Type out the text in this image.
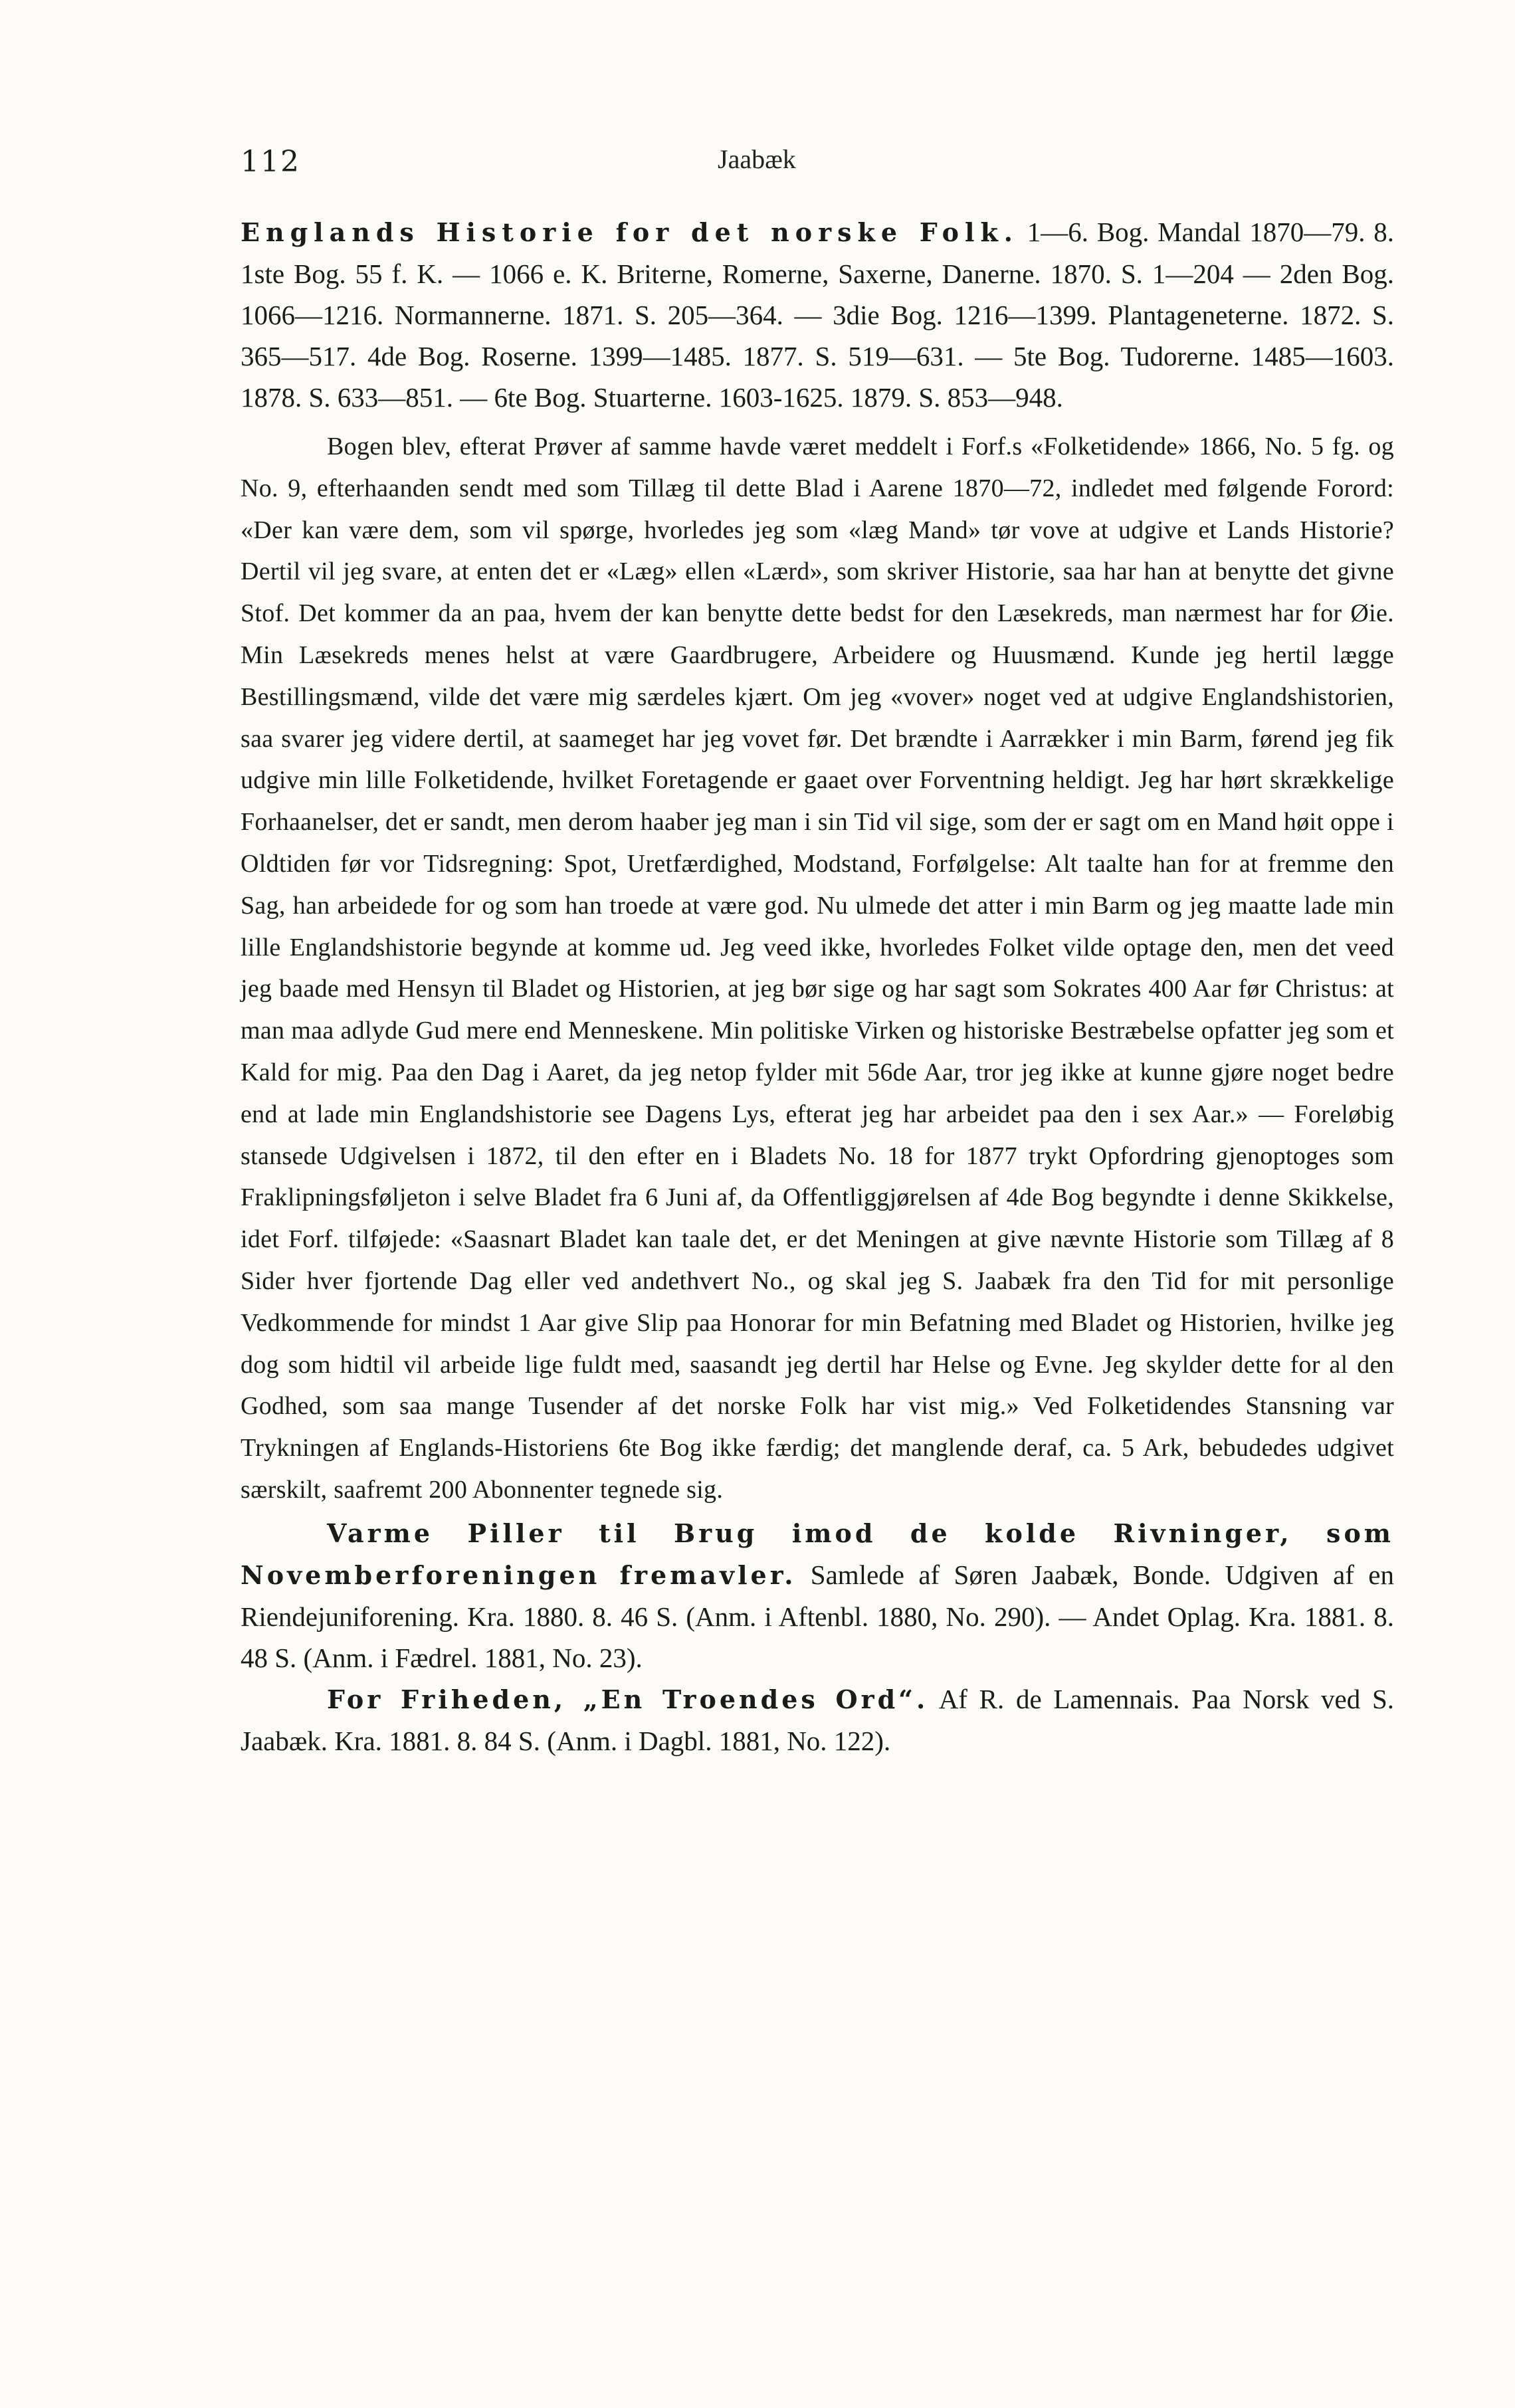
112	Jaabæk

Englands Historie for det norske Folk. 1—6. Bog. Mandal 1870—79. 8. 1ste Bog. 55 f. K. — 1066 e. K. Briterne, Romerne, Saxerne, Danerne. 1870. S. 1—204 — 2den Bog. 1066—1216. Normannerne. 1871. S. 205—364. — 3die Bog. 1216—1399. Plantageneterne. 1872. S. 365—517. 4de Bog. Roserne. 1399—1485. 1877. S. 519—631. — 5te Bog. Tudorerne. 1485—1603. 1878. S. 633—851. — 6te Bog. Stuarterne. 1603-1625. 1879. S. 853—948.

Bogen blev, efterat Prøver af samme havde været meddelt i Forf.s «Folketidende» 1866, No. 5 fg. og No. 9, efterhaanden sendt med som Tillæg til dette Blad i Aarene 1870—72, indledet med følgende Forord: «Der kan være dem, som vil spørge, hvorledes jeg som «læg Mand» tør vove at udgive et Lands Historie? Dertil vil jeg svare, at enten det er «Læg» ellen «Lærd», som skriver Historie, saa har han at benytte det givne Stof. Det kommer da an paa, hvem der kan benytte dette bedst for den Læsekreds, man nærmest har for Øie. Min Læsekreds menes helst at være Gaardbrugere, Arbeidere og Huusmænd. Kunde jeg hertil lægge Bestillingsmænd, vilde det være mig særdeles kjært. Om jeg «vover» noget ved at udgive Englandshistorien, saa svarer jeg videre dertil, at saameget har jeg vovet før. Det brændte i Aarrækker i min Barm, førend jeg fik udgive min lille Folketidende, hvilket Foretagende er gaaet over Forventning heldigt. Jeg har hørt skrækkelige Forhaanelser, det er sandt, men derom haaber jeg man i sin Tid vil sige, som der er sagt om en Mand høit oppe i Oldtiden før vor Tidsregning: Spot, Uretfærdighed, Modstand, Forfølgelse: Alt taalte han for at fremme den Sag, han arbeidede for og som han troede at være god. Nu ulmede det atter i min Barm og jeg maatte lade min lille Englandshistorie begynde at komme ud. Jeg veed ikke, hvorledes Folket vilde optage den, men det veed jeg baade med Hensyn til Bladet og Historien, at jeg bør sige og har sagt som Sokrates 400 Aar før Christus: at man maa adlyde Gud mere end Menneskene. Min politiske Virken og historiske Bestræbelse opfatter jeg som et Kald for mig. Paa den Dag i Aaret, da jeg netop fylder mit 56de Aar, tror jeg ikke at kunne gjøre noget bedre end at lade min Englandshistorie see Dagens Lys, efterat jeg har arbeidet paa den i sex Aar.» — Foreløbig stansede Udgivelsen i 1872, til den efter en i Bladets No. 18 for 1877 trykt Opfordring gjenoptoges som Fraklipningsføljeton i selve Bladet fra 6 Juni af, da Offentliggjørelsen af 4de Bog begyndte i denne Skikkelse, idet Forf. tilføjede: «Saasnart Bladet kan taale det, er det Meningen at give nævnte Historie som Tillæg af 8 Sider hver fjortende Dag eller ved andethvert No., og skal jeg S. Jaabæk fra den Tid for mit personlige Vedkommende for mindst 1 Aar give Slip paa Honorar for min Befatning med Bladet og Historien, hvilke jeg dog som hidtil vil arbeide lige fuldt med, saasandt jeg dertil har Helse og Evne. Jeg skylder dette for al den Godhed, som saa mange Tusender af det norske Folk har vist mig.» Ved Folketidendes Stansning var Trykningen af Englands-Historiens 6te Bog ikke færdig; det manglende deraf, ca. 5 Ark, bebudedes udgivet særskilt, saafremt 200 Abonnenter tegnede sig.

Varme Piller til Brug imod de kolde Rivninger, som Novemberforeningen fremavler. Samlede af Søren Jaabæk, Bonde. Udgiven af en Riendejuniforening. Kra. 1880. 8. 46 S. (Anm. i Aftenbl. 1880, No. 290). — Andet Oplag. Kra. 1881. 8. 48 S. (Anm. i Fædrel. 1881, No. 23).

For Friheden, „En Troendes Ord“. Af R. de Lamennais. Paa Norsk ved S. Jaabæk. Kra. 1881. 8. 84 S. (Anm. i Dagbl. 1881, No. 122).
